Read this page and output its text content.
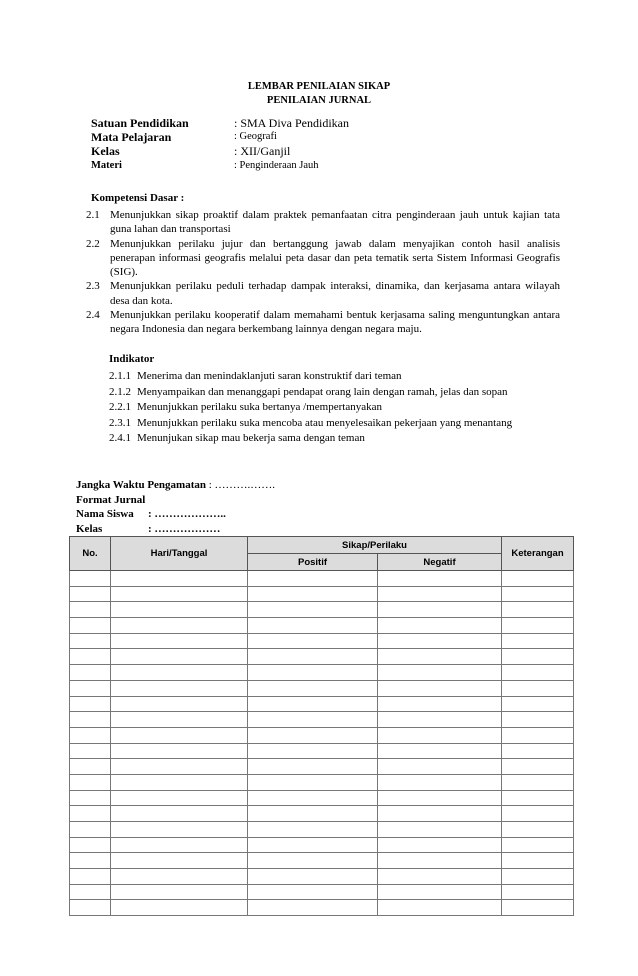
LEMBAR PENILAIAN SIKAP
PENILAIAN JURNAL
Satuan Pendidikan	: SMA Diva Pendidikan
Mata Pelajaran	: Geografi
Kelas	: XII/Ganjil
Materi	: Penginderaan Jauh
Kompetensi Dasar :
2.1 Menunjukkan sikap proaktif dalam praktek pemanfaatan citra penginderaan jauh untuk kajian tata guna lahan dan transportasi
2.2 Menunjukkan perilaku jujur dan bertanggung jawab dalam menyajikan contoh hasil analisis penerapan informasi geografis melalui peta dasar dan peta tematik serta Sistem Informasi Geografis (SIG).
2.3 Menunjukkan perilaku peduli terhadap dampak interaksi, dinamika, dan kerjasama antara wilayah desa dan kota.
2.4 Menunjukkan perilaku kooperatif dalam memahami bentuk kerjasama saling menguntungkan antara negara Indonesia dan negara berkembang lainnya dengan negara maju.
Indikator
2.1.1 Menerima dan menindaklanjuti saran konstruktif dari teman
2.1.2 Menyampaikan dan menanggapi pendapat orang lain dengan ramah, jelas dan sopan
2.2.1 Menunjukkan perilaku suka bertanya /mempertanyakan
2.3.1 Menunjukkan perilaku suka mencoba atau menyelesaikan pekerjaan yang menantang
2.4.1 Menunjukan sikap mau bekerja sama dengan teman
Jangka Waktu Pengamatan : ……….…….
Format Jurnal
Nama Siswa : ………………..
Kelas	: ………………
No.	Hari/Tanggal	Sikap/Perilaku		Keterangan
		Positif	Negatif	
